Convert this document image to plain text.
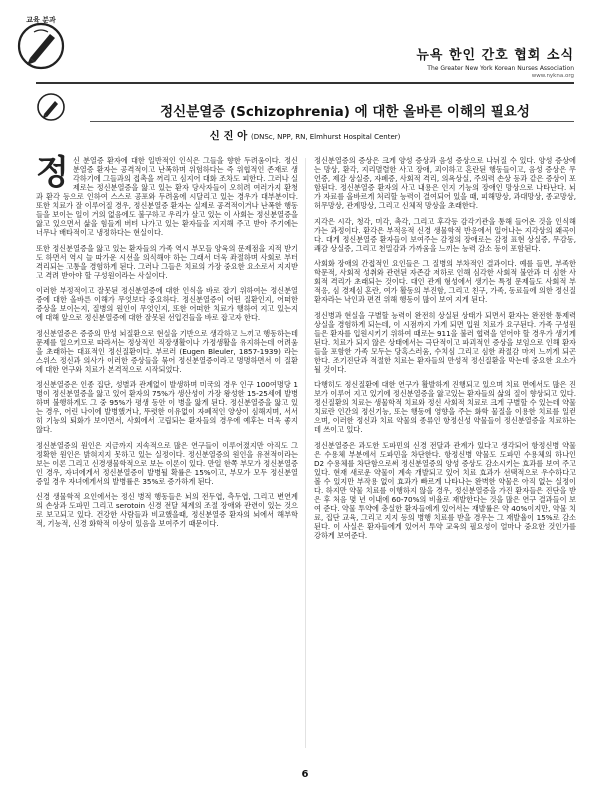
교육 분과
뉴욕 한인 간호 협회 소식
The Greater New York Korean Nurses Association
www.nykna.org
정신분열증 (Schizophrenia) 에 대한 올바른 이해의 필요성
신 진 아 (DNSc, NPP, RN, Elmhurst Hospital Center)

정신 분열증 환자에 대한 일반적인 인식은 그들을 향한 두려움이다. 정신 분열증 환자는 공격적이고 난폭하며 위험하다는 즉 위협적인 존재로 생각하기에 그들과의 접촉을 꺼리고 심지어 대화 조차도 피한다. 그러나 실제로는 정신분열증을 앓고 있는 환자 당사자들이 오히려 여러가지 환청과 환각 등으로 인하여 스스로 공포와 두려움에 시달리고 있는 경우가 대부분이다. 또한 치료가 잘 이루어질 경우, 정신분열증 환자는 실제로 공격적이거나 난폭한 행동들을 보이는 일이 거의 없음에도 불구하고 우리가 살고 있는 이 사회는 정신분열증을 앓고 있으면서 삶을 힘들게 버텨 나가고 있는 환자들을 지지해 주고 받아 주기에는 너무나 배타적이고 냉정하다는 현실이다.

또한 정신분열증을 앓고 있는 환자들의 가족 역시 부모들 양육의 문제점을 지적 받기도 하면서 역시 늘 따가운 시선을 의식해야 하는 그래서 더욱 좌절하며 사회로 부터 격리되는 고통을 경험하게 된다. 그러나 그들은 치료의 가장 중요한 요소로서 지지받고 격려 받아야 할 구성원이라는 사실이다.

이러한 부정적이고 잘못된 정신분열증에 대한 인식을 바로 잡기 위하여는 정신분열증에 대한 올바른 이해가 무엇보다 중요하다. 정신분열증이 어떤 질환인지, 어떠한 증상을 보이는지, 질병의 원인이 무엇인지, 또한 어떠한 치료가 행하여 지고 있는지에 대해 앞으로 정신분열증에 대한 잘못된 선입견들을 바로 잡고자 한다.

정신분열증은 증증의 만성 뇌질환으로 현실을 기반으로 생각하고 느끼고 행동하는데 문제를 일으키므로 따라서는 정상적인 직장생활이나 가정생활을 유지하는데 어려움을 초래하는 대표적인 정신질환이다. 부르러 (Eugen Bleuler, 1857-1939) 라는 스위스 정신과 의사가 이러한 증상들을 묶어 정신분열증이라고 명명하면서 이 질환에 대한 연구와 치료가 본격적으로 시작되었다.

정신분열증은 인종 집단, 성별과 관계없이 발생하며 미국의 경우 인구 100여명당 1명이 정신분열증을 앓고 있어 환자의 75%가 생산성이 가장 왕성한 15-25세에 발병하며 불행하게도 그 중 95%가 평생 동안 이 병을 앓게 된다. 정신분열증을 앓고 있는 경우, 어린 나이에 발병했거나, 뚜렷한 이유없이 자폐적인 양상이 심해지며, 서서히 기능의 퇴화가 보이면서, 사회에서 고립되는 환자들의 경우에 예후는 더욱 좋지 않다.

정신분열증의 원인은 지금까지 지속적으로 많은 연구들이 이루어졌지만 아직도 그 정확한 원인은 밝혀지지 못하고 있는 실정이다. 정신분열증의 원인을 유전적이라는 보는 이론 그리고 신경생물학적으로 보는 이론이 있다. 만일 한쪽 부모가 정신분열증인 경우, 자녀에게서 정신분열증이 발병될 확률은 15%이고, 부모가 모두 정신분열증일 경우 자녀에게서의 발병률은 35%로 증가하게 된다.

신경 생물학적 요인에서는 정신 병적 행동들은 뇌의 전두엽, 측두엽, 그리고 변연계의 손상과 도파민 그리고 serotoin 신경 전달 체계의 조절 장애와 관련이 있는 것으로 보고되고 있다. 건강한 사람들과 비교했을때, 정신분열증 환자의 뇌에서 해부학적, 기능적, 신경 화학적 이상이 있음을 보여주기 때문이다.

정신분열증의 증상은 크게 양성 증상과 음성 증상으로 나뉘질 수 있다. 양성 증상에는 망상, 환각, 지리멸렬한 사고 장애, 괴이하고 혼란된 행동들이고, 음성 증상은 무언증, 제감 상실증, 자폐증, 사회적 격리, 의욕상실, 주의력 손상 등과 같은 증상이 포함된다. 정신분열증 환자의 사고 내용은 인지 기능의 장애인 망상으로 나타난다. 뇌가 자료를 올바르게 처리할 능력이 결여되어 있을 때, 피해망상, 과대망상, 종교망상, 허무망상, 관계망상, 그리고 신체적 망상을 초래한다.

지각은 시각, 청각, 미각, 촉각, 그리고 후각등 감각기관을 통해 들어온 것을 인식해 가는 과정이다. 환각은 부적응적 신경 생물학적 반응에서 일어나는 지각상의 왜곡이다. 대게 정신분열증 환자들이 보여주는 감정의 장애로는 감정 표현 상실증, 무감동, 쾌감 상실증, 그리고 천밀감과 가까움을 느끼는 능력 감소 등이 포함된다.

사회화 장애의 간접적인 요인들은 그 질병의 부차적인 결과이다. 예를 들면, 부족한 학문적, 사회적 성취와 관련된 자존감 저하로 인해 심각한 사회적 불안과 더 심한 사회적 격리가 초래되는 것이다. 대인 관계 형성에서 생기는 특정 문제들도 사회적 부적응, 심 경제심 혼란, 여가 활동의 부진함, 그리고 친구, 가족, 동료들에 의한 정신질환자라는 낙인과 편견 위해 행동이 많이 보여 지게 된다.

정신병과 현실을 구별할 능력이 완전히 상실된 상태가 되면서 환자는 완전한 통제력 상실을 경험하게 되는데, 이 시점까지 가게 되면 입원 치료가 요구된다. 가족 구성원들은 환자를 입원시키기 위하여 때로는 911을 불러 협력을 얻어야 할 경우가 생기게 된다. 치료가 되지 않은 상태에서는 극단적이고 파괴적인 증상을 보임으로 인해 환자들을 포함한 가족 모두는 당혹스러움, 수치심 그리고 심한 좌절감 마저 느끼게 되곤 한다. 조기진단과 적절한 치료는 환자들의 만성적 정신질환을 막는데 중요한 요소가 될 것이다.

다행히도 정신질환에 대한 연구가 활발하게 진행되고 있으며 치료 면에서도 많은 진보가 이루어 지고 있기에 정신분열증을 앓고있는 환자들의 삶의 질이 향상되고 있다. 정신질환의 치료는 생물학적 치료와 정신 사회적 치료로 크게 구별할 수 있는데 약물 치료란 인간의 정신기능, 또는 행동에 영향을 주는 화학 물질을 이용한 치료를 일컫으며, 이러한 정신과 치료 약물의 종류인 항정신성 약물들이 정신분열증을 치료하는데 쓰이고 있다.

정신분열증은 과도한 도파민의 신경 전달과 관계가 있다고 생각되어 항정신병 약물은 수용체 부분에서 도파민을 차단한다. 항정신병 약물도 도파민 수용체의 하나인 D2 수용체를 차단함으로써 정신분열증의 양성 증상도 감소시키는 효과를 보여 주고 있다. 현재 새로운 약물이 계속 개발되고 있어 치료 효과가 선택적으로 우수하다고 볼 수 있지만 부작용 없이 효과가 빠르게 나타나는 완벽한 약물은 아직 없는 실정이다. 하지만 약물 치료를 이행하지 않을 경우, 정신분열증을 가진 환자들은 진단을 받은 후 처음 몇 년 이내에 60-70%의 비율로 재발한다는 것을 많은 연구 결과들이 보여 준다. 약물 투약에 충실한 환자들에게 있어서는 재발률은 약 40%이지만, 약물 치료, 집단 교육, 그리고 지지 등의 병행 치료를 받을 경우는 그 재발율이 15%로 감소된다. 이 사실은 환자들에게 있어서 투약 교육의 필요성이 얼마나 중요한 것인가를 강하게 보여준다.

6
